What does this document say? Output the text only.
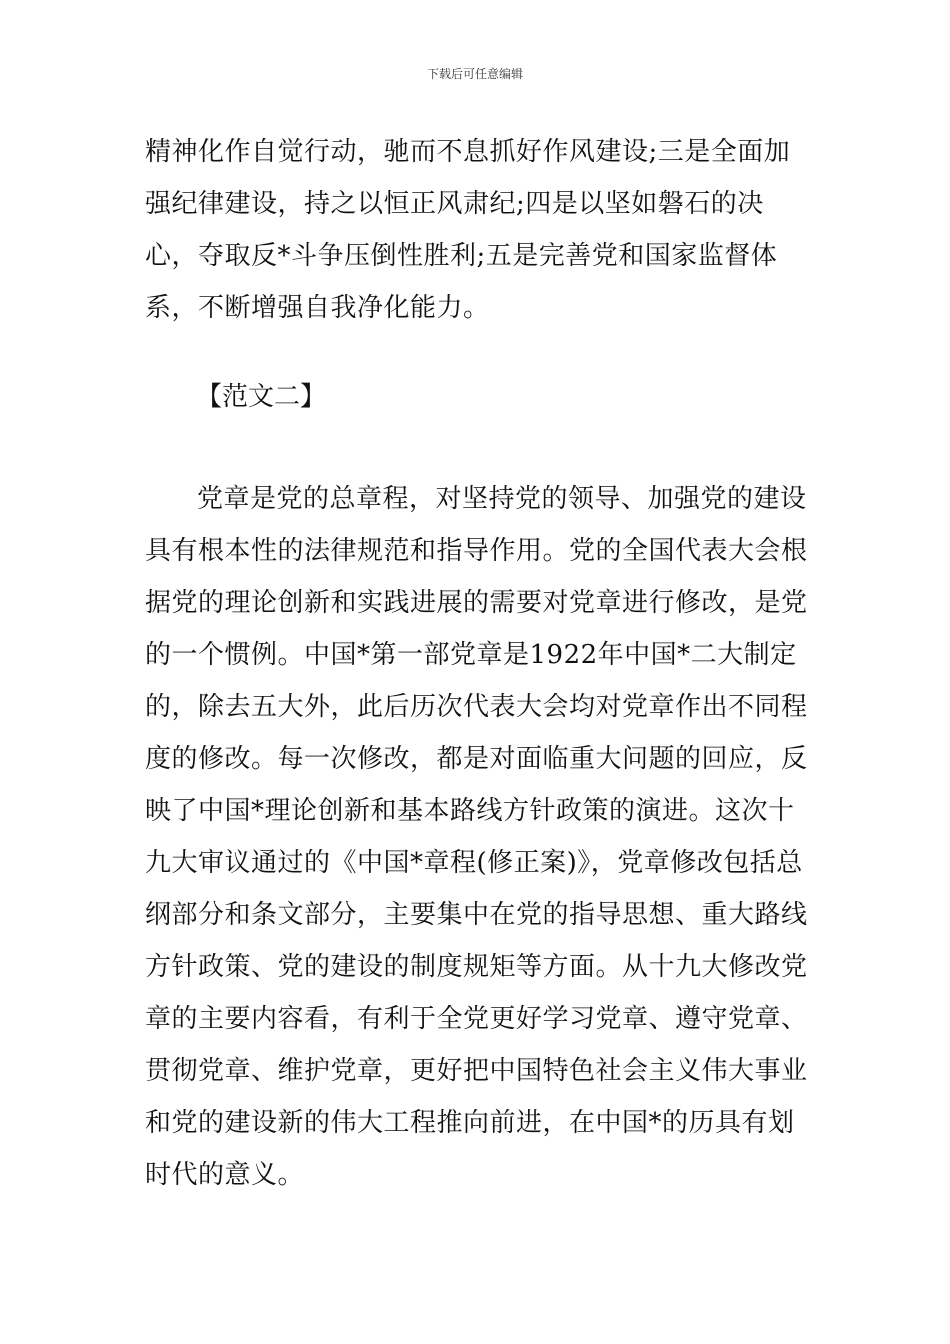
下载后可任意编辑

精神化作自觉行动，驰而不息抓好作风建设;三是全面加强纪律建设，持之以恒正风肃纪;四是以坚如磐石的决心，夺取反*斗争压倒性胜利;五是完善党和国家监督体系，不断增强自我净化能力。

【范文二】

党章是党的总章程，对坚持党的领导、加强党的建设具有根本性的法律规范和指导作用。党的全国代表大会根据党的理论创新和实践进展的需要对党章进行修改，是党的一个惯例。中国*第一部党章是1922年中国*二大制定的，除去五大外，此后历次代表大会均对党章作出不同程度的修改。每一次修改，都是对面临重大问题的回应，反映了中国*理论创新和基本路线方针政策的演进。这次十九大审议通过的《中国*章程(修正案)》，党章修改包括总纲部分和条文部分，主要集中在党的指导思想、重大路线方针政策、党的建设的制度规矩等方面。从十九大修改党章的主要内容看，有利于全党更好学习党章、遵守党章、贯彻党章、维护党章，更好把中国特色社会主义伟大事业和党的建设新的伟大工程推向前进，在中国*的历具有划时代的意义。
